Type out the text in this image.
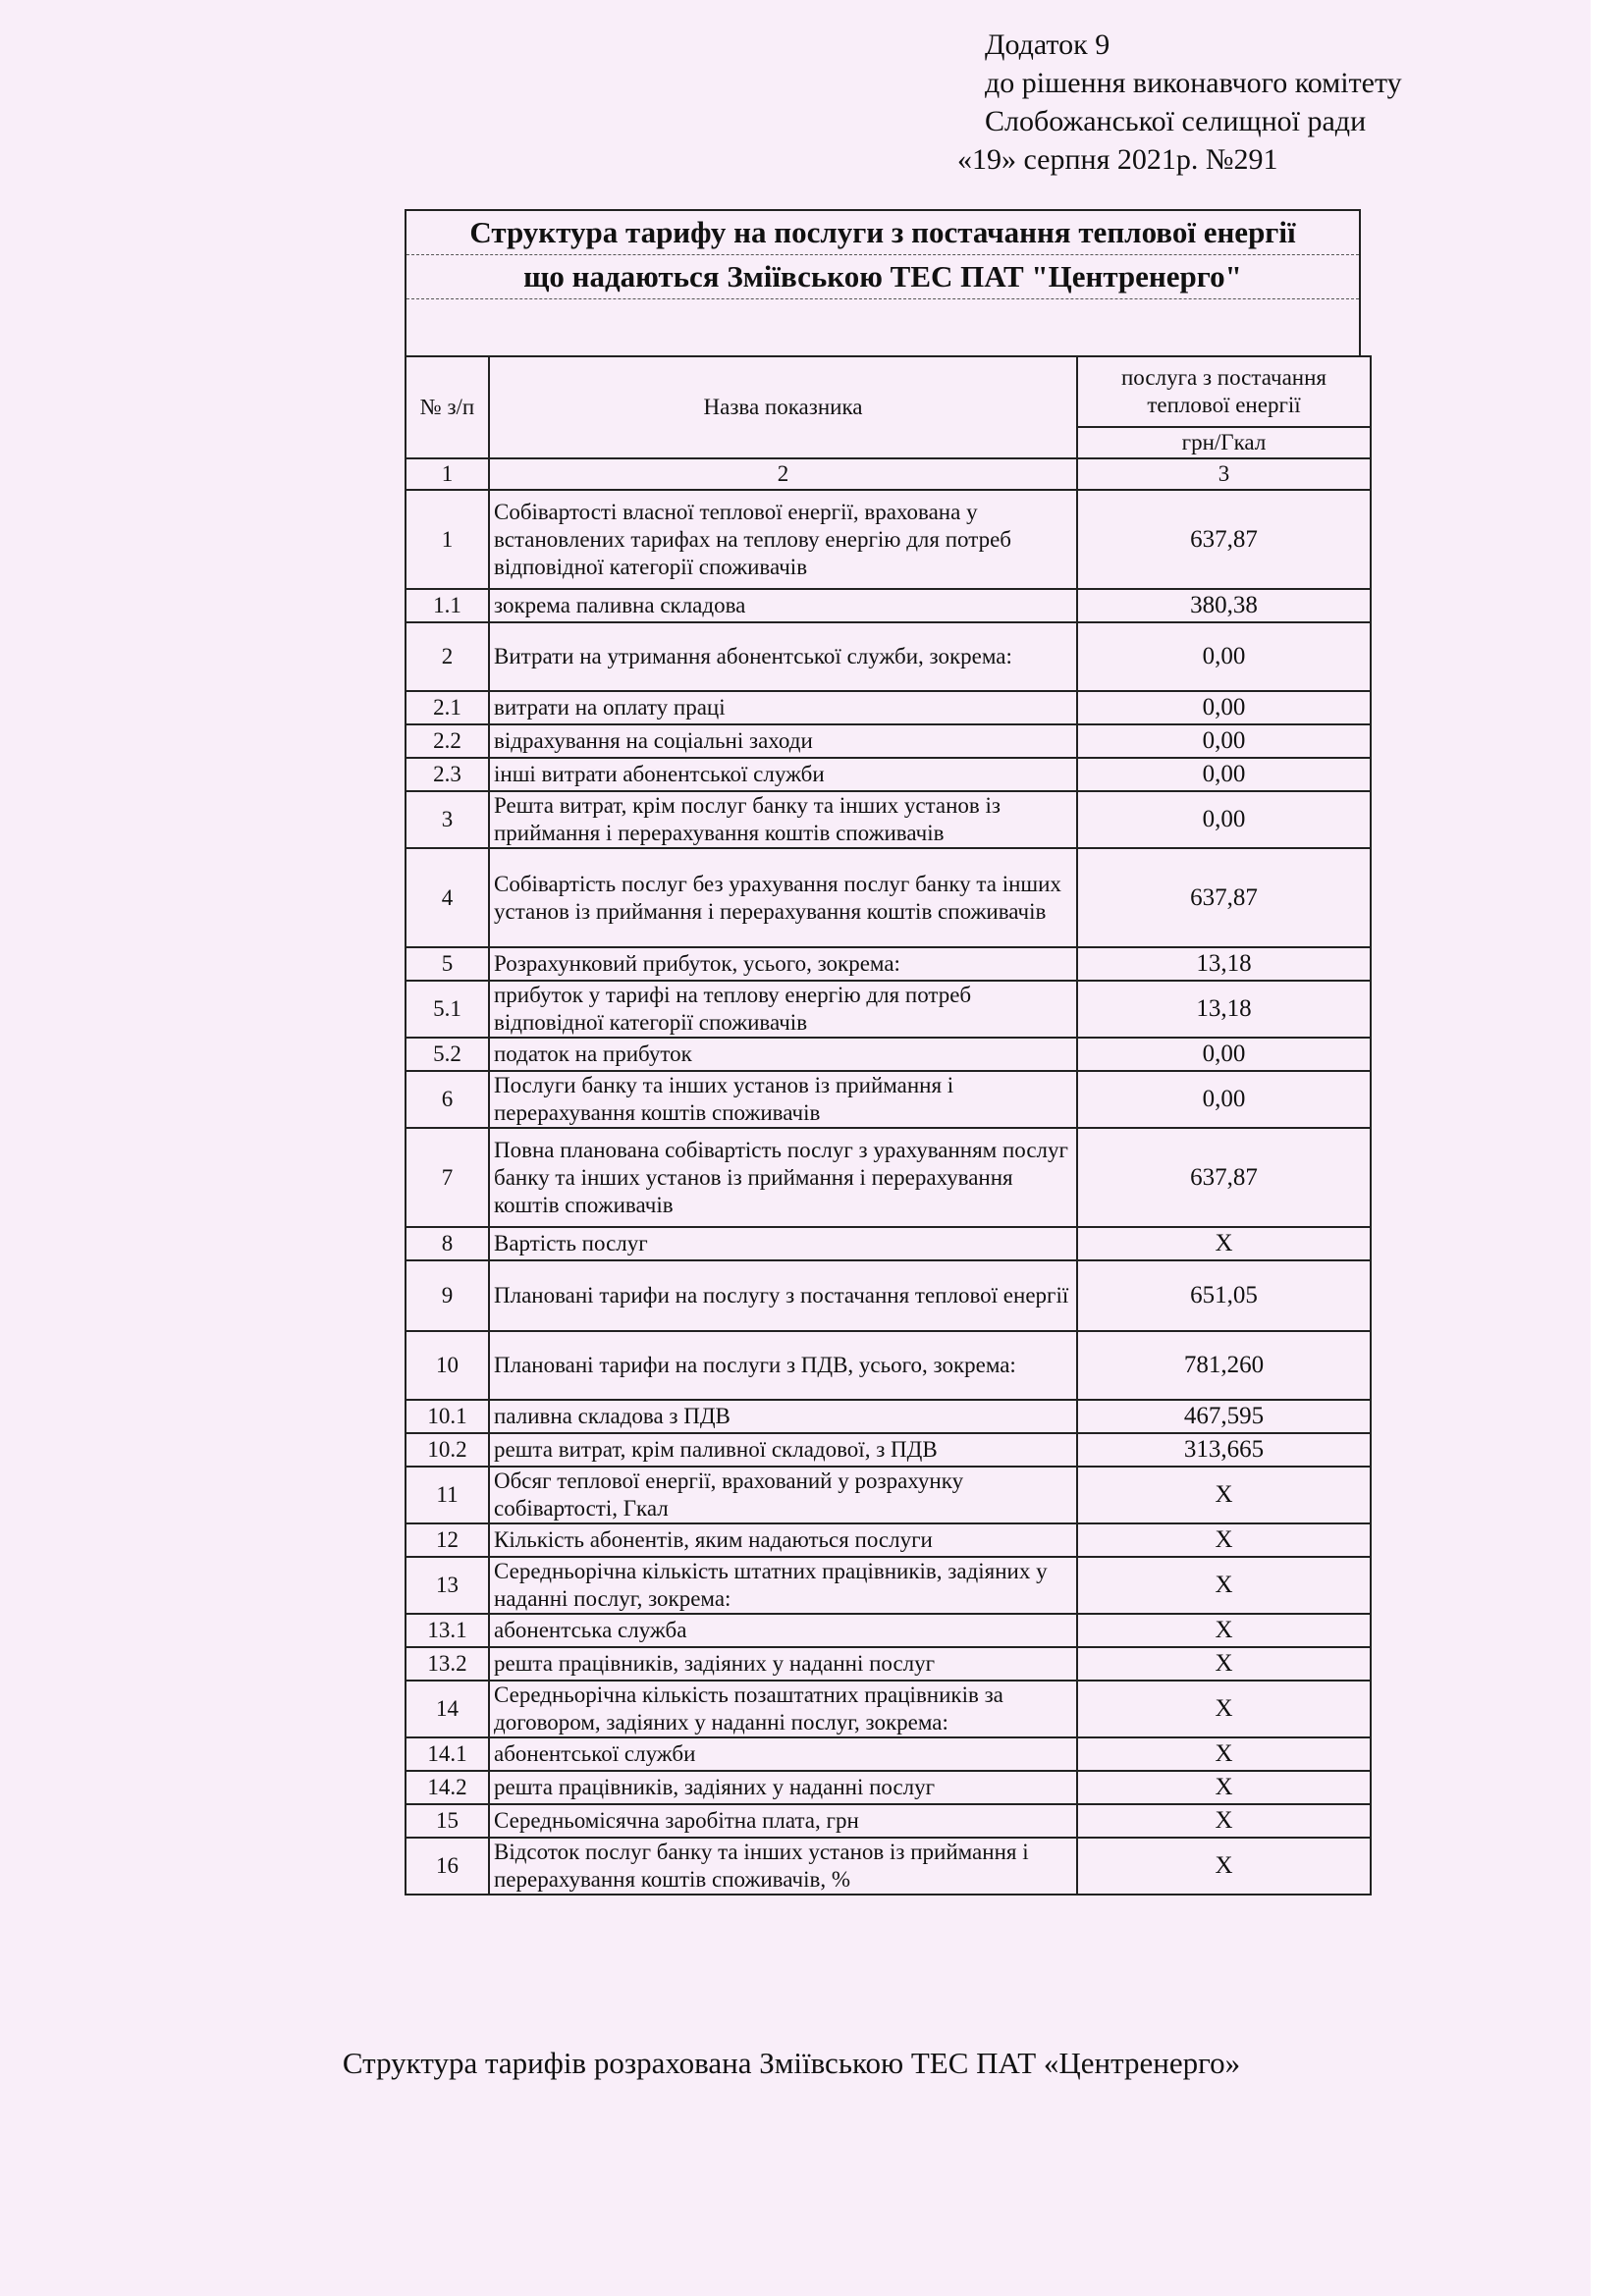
Додаток 9
до рішення виконавчого комітету
Слобожанської селищної ради
«19» серпня 2021р. №291
Структура тарифу на послуги з постачання теплової енергії
що надаються Зміївською ТЕС ПАТ "Центренерго"
№ з/п	Назва показника	послуга з постачання теплової енергії
		грн/Гкал
1	2	3
1	Собівартості власної теплової енергії, врахована у встановлених тарифах на теплову енергію для потреб відповідної категорії споживачів	637,87
1.1	зокрема паливна складова	380,38
2	Витрати на утримання абонентської служби, зокрема:	0,00
2.1	витрати на оплату праці	0,00
2.2	відрахування на соціальні заходи	0,00
2.3	інші витрати абонентської служби	0,00
3	Решта витрат, крім послуг банку та інших установ із приймання і перерахування коштів споживачів	0,00
4	Собівартість послуг без урахування послуг банку та інших установ із приймання і перерахування коштів споживачів	637,87
5	Розрахунковий прибуток, усього, зокрема:	13,18
5.1	прибуток у тарифі на теплову енергію для потреб відповідної категорії споживачів	13,18
5.2	податок на прибуток	0,00
6	Послуги банку та інших установ із приймання і перерахування коштів споживачів	0,00
7	Повна планована собівартість послуг з урахуванням послуг банку та інших установ із приймання і перерахування коштів споживачів	637,87
8	Вартість послуг	Х
9	Плановані тарифи на послугу з постачання теплової енергії	651,05
10	Плановані тарифи на послуги з ПДВ, усього, зокрема:	781,260
10.1	паливна складова з ПДВ	467,595
10.2	решта витрат, крім паливної складової, з ПДВ	313,665
11	Обсяг теплової енергії, врахований у розрахунку собівартості, Гкал	Х
12	Кількість абонентів, яким надаються послуги	Х
13	Середньорічна кількість штатних працівників, задіяних у наданні послуг, зокрема:	Х
13.1	абонентська служба	Х
13.2	решта працівників, задіяних у наданні послуг	Х
14	Середньорічна кількість позаштатних працівників за договором, задіяних у наданні послуг, зокрема:	Х
14.1	абонентської служби	Х
14.2	решта працівників, задіяних у наданні послуг	Х
15	Середньомісячна заробітна плата, грн	Х
16	Відсоток послуг банку та інших установ із приймання і перерахування коштів споживачів, %	Х
Структура тарифів розрахована Зміївською ТЕС ПАТ «Центренерго»
